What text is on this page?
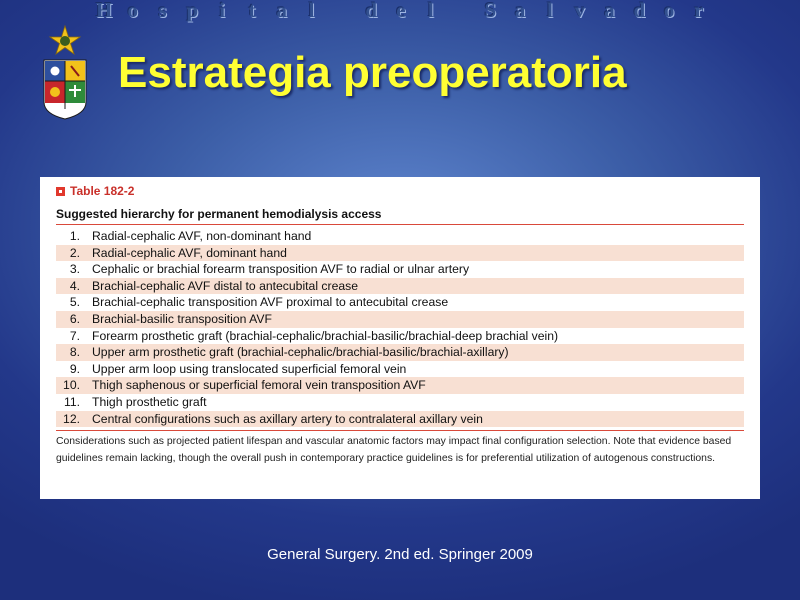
H o s p i t a l d e l S a l v a d o r
Estrategia preoperatoria
Table 182-2
Suggested hierarchy for permanent hemodialysis access
1. Radial-cephalic AVF, non-dominant hand
2. Radial-cephalic AVF, dominant hand
3. Cephalic or brachial forearm transposition AVF to radial or ulnar artery
4. Brachial-cephalic AVF distal to antecubital crease
5. Brachial-cephalic transposition AVF proximal to antecubital crease
6. Brachial-basilic transposition AVF
7. Forearm prosthetic graft (brachial-cephalic/brachial-basilic/brachial-deep brachial vein)
8. Upper arm prosthetic graft (brachial-cephalic/brachial-basilic/brachial-axillary)
9. Upper arm loop using translocated superficial femoral vein
10. Thigh saphenous or superficial femoral vein transposition AVF
11. Thigh prosthetic graft
12. Central configurations such as axillary artery to contralateral axillary vein
Considerations such as projected patient lifespan and vascular anatomic factors may impact final configuration selection. Note that evidence based guidelines remain lacking, though the overall push in contemporary practice guidelines is for preferential utilization of autogenous constructions.
General Surgery. 2nd ed. Springer 2009
